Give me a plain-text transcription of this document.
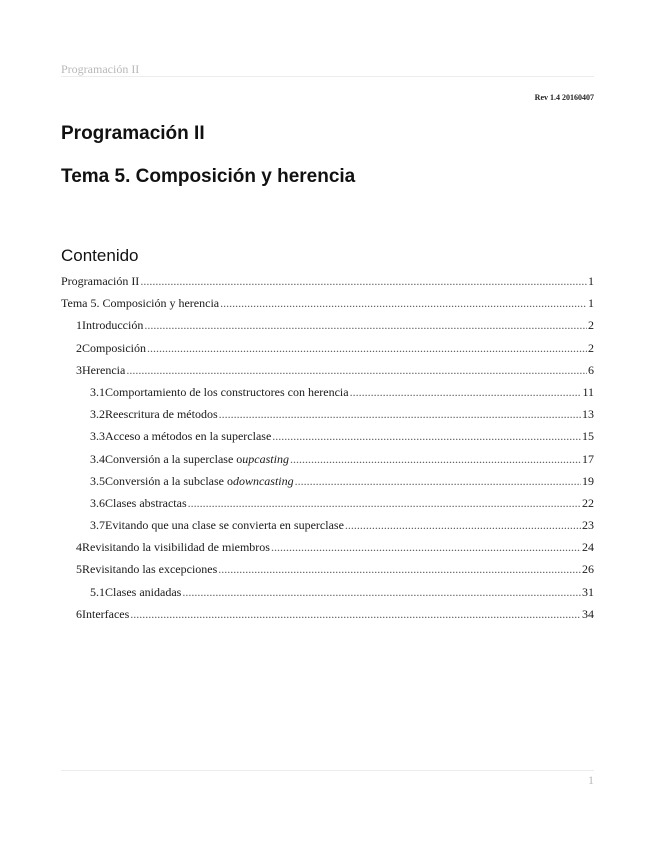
Programación II
Rev 1.4 20160407
Programación II
Tema 5. Composición y herencia
Contenido
Programación II .....	1
Tema 5. Composición y herencia .....	1
1 Introducción .....	2
2 Composición .....	2
3 Herencia .....	6
3.1 Comportamiento de los constructores con herencia .....	11
3.2 Reescritura de métodos .....	13
3.3 Acceso a métodos en la superclase .....	15
3.4 Conversión a la superclase o upcasting .....	17
3.5 Conversión a la subclase o downcasting .....	19
3.6 Clases abstractas .....	22
3.7 Evitando que una clase se convierta en superclase .....	23
4 Revisitando la visibilidad de miembros .....	24
5 Revisitando las excepciones .....	26
5.1 Clases anidadas .....	31
6 Interfaces .....	34
1
